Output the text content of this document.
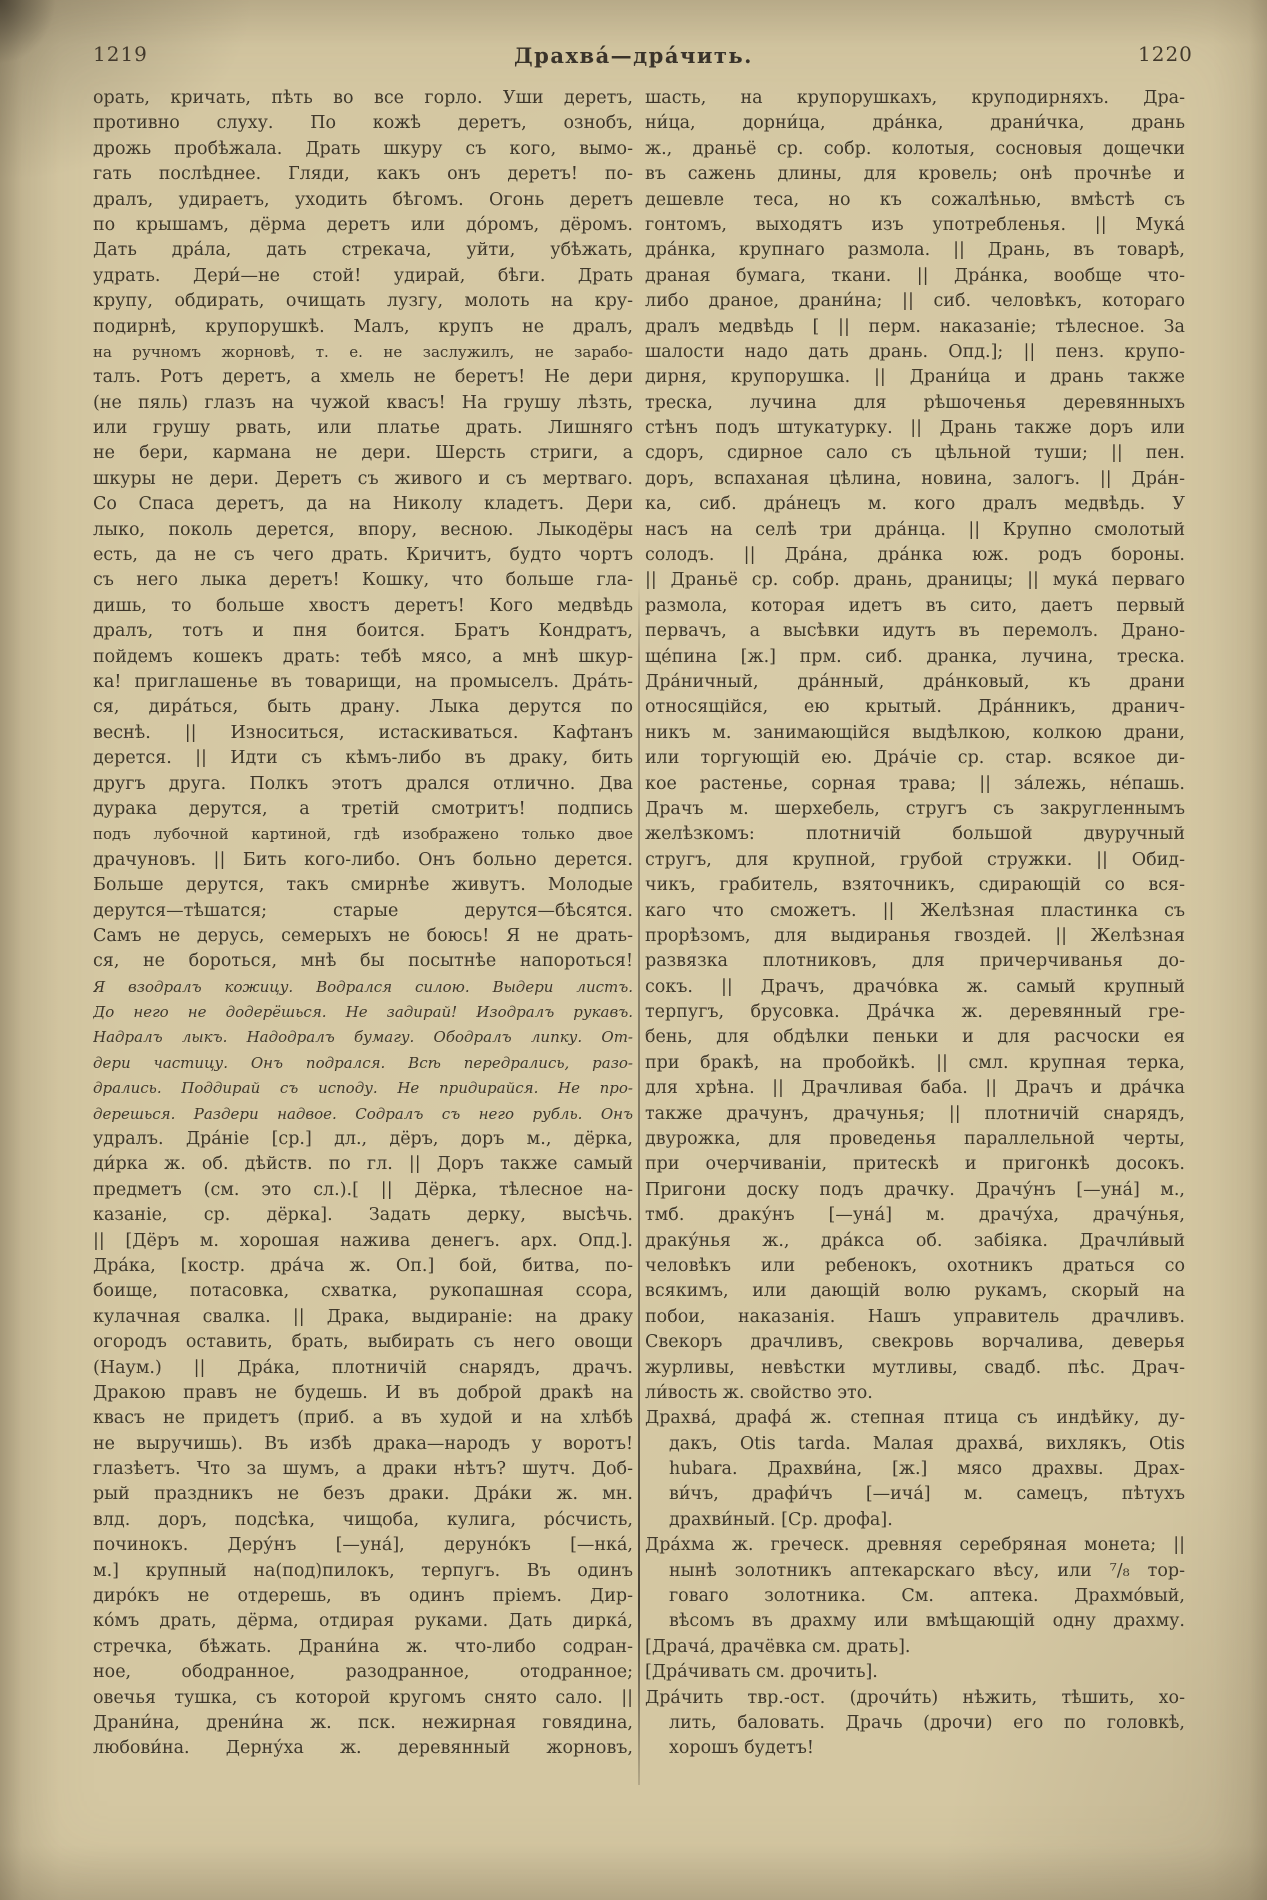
1219	Драхва́—дра́чить.	1220
орать, кричать, пѣть во все горло. Уши деретъ,
противно слуху. По кожѣ деретъ, ознобъ,
дрожь пробѣжала. Драть шкуру съ кого, вымо-
гать послѣднее. Гляди, какъ онъ деретъ! по-
дралъ, удираетъ, уходить бѣгомъ. Огонь деретъ
по крышамъ, дёрма деретъ или до́ромъ, дёромъ.
Дать дра́ла, дать стрекача, уйти, убѣжать,
удрать. Дери́—не стой! удирай, бѣги. Драть
крупу, обдирать, очищать лузгу, молоть на кру-
подирнѣ, крупорушкѣ. Малъ, крупъ не дралъ,
на ручномъ жорновѣ, т. е. не заслужилъ, не зарабо-
талъ. Ротъ деретъ, а хмель не беретъ! Не дери
(не пяль) глазъ на чужой квасъ! На грушу лѣзть,
или грушу рвать, или платье драть. Лишняго
не бери, кармана не дери. Шерсть стриги, а
шкуры не дери. Деретъ съ живого и съ мертваго.
Со Спаса деретъ, да на Николу кладетъ. Дери
лыко, поколь дерется, впору, весною. Лыкодёры
есть, да не съ чего драть. Кричитъ, будто чортъ
съ него лыка деретъ! Кошку, что больше гла-
дишь, то больше хвостъ деретъ! Кого медвѣдь
дралъ, тотъ и пня боится. Братъ Кондратъ,
пойдемъ кошекъ драть: тебѣ мясо, а мнѣ шкур-
ка! приглашенье въ товарищи, на промыселъ. Дра́ть-
ся, дира́ться, быть драну. Лыка дерутся по
веснѣ. || Износиться, истаскиваться. Кафтанъ
дерется. || Идти съ кѣмъ-либо въ драку, бить
другъ друга. Полкъ этотъ дрался отлично. Два
дурака дерутся, а третій смотритъ! подпись
подъ лубочной картиной, гдѣ изображено только двое
драчуновъ. || Бить кого-либо. Онъ больно дерется.
Больше дерутся, такъ смирнѣе живутъ. Молодые
дерутся—тѣшатся; старые дерутся—бѣсятся.
Самъ не дерусь, семерыхъ не боюсь! Я не драть-
ся, не бороться, мнѣ бы посытнѣе напороться!
Я взодралъ кожицу. Водрался силою. Выдери листъ.
До него не додерёшься. Не задирай! Изодралъ рукавъ.
Надралъ лыкъ. Надодралъ бумагу. Ободралъ липку. От-
дери частицу. Онъ подрался. Всѣ передрались, разо-
дрались. Поддирай съ исподу. Не придирайся. Не про-
дерешься. Раздери надвое. Содралъ съ него рубль. Онъ
удралъ. Дра́ніе [ср.] дл., дёръ, доръ м., дёрка,
ди́рка ж. об. дѣйств. по гл. || Доръ также самый
предметъ (см. это сл.).[ || Дёрка, тѣлесное на-
казаніе, ср. дёрка]. Задать дерку, высѣчь.
|| [Дёръ м. хорошая нажива денегъ. арх. Опд.].
Дра́ка, [костр. дра́ча ж. Оп.] бой, битва, по-
боище, потасовка, схватка, рукопашная ссора,
кулачная свалка. || Драка, выдираніе: на драку
огородъ оставить, брать, выбирать съ него овощи
(Наум.) || Дра́ка, плотничій снарядъ, драчъ.
Дракою правъ не будешь. И въ доброй дракѣ на
квасъ не придетъ (приб. а въ худой и на хлѣбѣ
не выручишь). Въ избѣ драка—народъ у воротъ!
глазѣетъ. Что за шумъ, а драки нѣтъ? шутч. Доб-
рый праздникъ не безъ драки. Дра́ки ж. мн.
влд. доръ, подсѣка, чищоба, кулига, ро́счисть,
починокъ. Деру́нъ [—уна́], деруно́къ [—нка́,
м.] крупный на(под)пилокъ, терпугъ. Въ одинъ
диро́къ не отдерешь, въ одинъ пріемъ. Дир-
ко́мъ драть, дёрма, отдирая руками. Дать дирка́,
стречка, бѣжать. Драни́на ж. что-либо содран-
ное, ободранное, разодранное, отодранное;
овечья тушка, съ которой кругомъ снято сало. ||
Драни́на, дрени́на ж. пск. нежирная говядина,
любови́на. Дерну́ха ж. деревянный жорновъ,
шасть, на крупорушкахъ, круподирняхъ. Дра-
ни́ца, дорни́ца, дра́нка, драни́чка, дрань
ж., драньё ср. собр. колотыя, сосновыя дощечки
въ сажень длины, для кровель; онѣ прочнѣе и
дешевле теса, но къ сожалѣнью, вмѣстѣ съ
гонтомъ, выходятъ изъ употребленья. || Мука́
дра́нка, крупнаго размола. || Дрань, въ товарѣ,
драная бумага, ткани. || Дра́нка, вообще что-
либо драное, драни́на; || сиб. человѣкъ, котораго
дралъ медвѣдь [ || перм. наказаніе; тѣлесное. За
шалости надо дать дрань. Опд.]; || пенз. крупо-
дирня, крупорушка. || Драни́ца и дрань также
треска, лучина для рѣшоченья деревянныхъ
стѣнъ подъ штукатурку. || Дрань также доръ или
сдоръ, сдирное сало съ цѣльной туши; || пен.
доръ, вспаханая цѣлина, новина, залогъ. || Дра́н-
ка, сиб. дра́нецъ м. кого дралъ медвѣдь. У
насъ на селѣ три дра́нца. || Крупно смолотый
солодъ. || Дра́на, дра́нка юж. родъ бороны.
|| Драньё ср. собр. дрань, драницы; || мука́ перваго
размола, которая идетъ въ сито, даетъ первый
первачъ, а высѣвки идутъ въ перемолъ. Драно-
ще́пина [ж.] прм. сиб. дранка, лучина, треска.
Дра́ничный, дра́нный, дра́нковый, къ драни
относящійся, ею крытый. Дра́нникъ, дранич-
никъ м. занимающійся выдѣлкою, колкою драни,
или торгующій ею. Дра́чіе ср. стар. всякое ди-
кое растенье, сорная трава; || за́лежь, не́пашь.
Драчъ м. шерхебель, стругъ съ закругленнымъ
желѣзкомъ: плотничій большой двуручный
стругъ, для крупной, грубой стружки. || Обид-
чикъ, грабитель, взяточникъ, сдирающій со вся-
каго что сможетъ. || Желѣзная пластинка съ
прорѣзомъ, для выдиранья гвоздей. || Желѣзная
развязка плотниковъ, для причерчиванья до-
сокъ. || Драчъ, драчо́вка ж. самый крупный
терпугъ, брусовка. Дра́чка ж. деревянный гре-
бень, для обдѣлки пеньки и для расчоски ея
при бракѣ, на пробойкѣ. || смл. крупная терка,
для хрѣна. || Драчливая баба. || Драчъ и дра́чка
также драчунъ, драчунья; || плотничій снарядъ,
двурожка, для проведенья параллельной черты,
при очерчиваніи, притескѣ и пригонкѣ досокъ.
Пригони доску подъ драчку. Драчу́нъ [—уна́] м.,
тмб. драку́нъ [—уна́] м. драчу́ха, драчу́нья,
драку́нья ж., дра́кса об. забіяка. Драчли́вый
человѣкъ или ребенокъ, охотникъ драться со
всякимъ, или дающій волю рукамъ, скорый на
побои, наказанія. Нашъ управитель драчливъ.
Свекоръ драчливъ, свекровь ворчалива, деверья
журливы, невѣстки мутливы, свадб. пѣс. Драч-
ли́вость ж. свойство это.
Драхва́, драфа́ ж. степная птица съ индѣйку, ду-
дакъ, Otis tarda. Малая драхва́, вихлякъ, Otis
hubara. Драхви́на, [ж.] мясо драхвы. Драх-
ви́чъ, драфи́чъ [—ича́] м. самецъ, пѣтухъ
драхви́ный. [Ср. дрофа].
Дра́хма ж. греческ. древняя серебряная монета; ||
нынѣ золотникъ аптекарскаго вѣсу, или ⁷/₈ тор-
говаго золотника. См. аптека. Драхмо́вый,
вѣсомъ въ драхму или вмѣщающій одну драхму.
[Драча́, драчёвка см. драть].
[Дра́чивать см. дрочить].
Дра́чить твр.-ост. (дрочи́ть) нѣжить, тѣшить, хо-
лить, баловать. Драчь (дрочи) его по головкѣ,
хорошъ будетъ!
